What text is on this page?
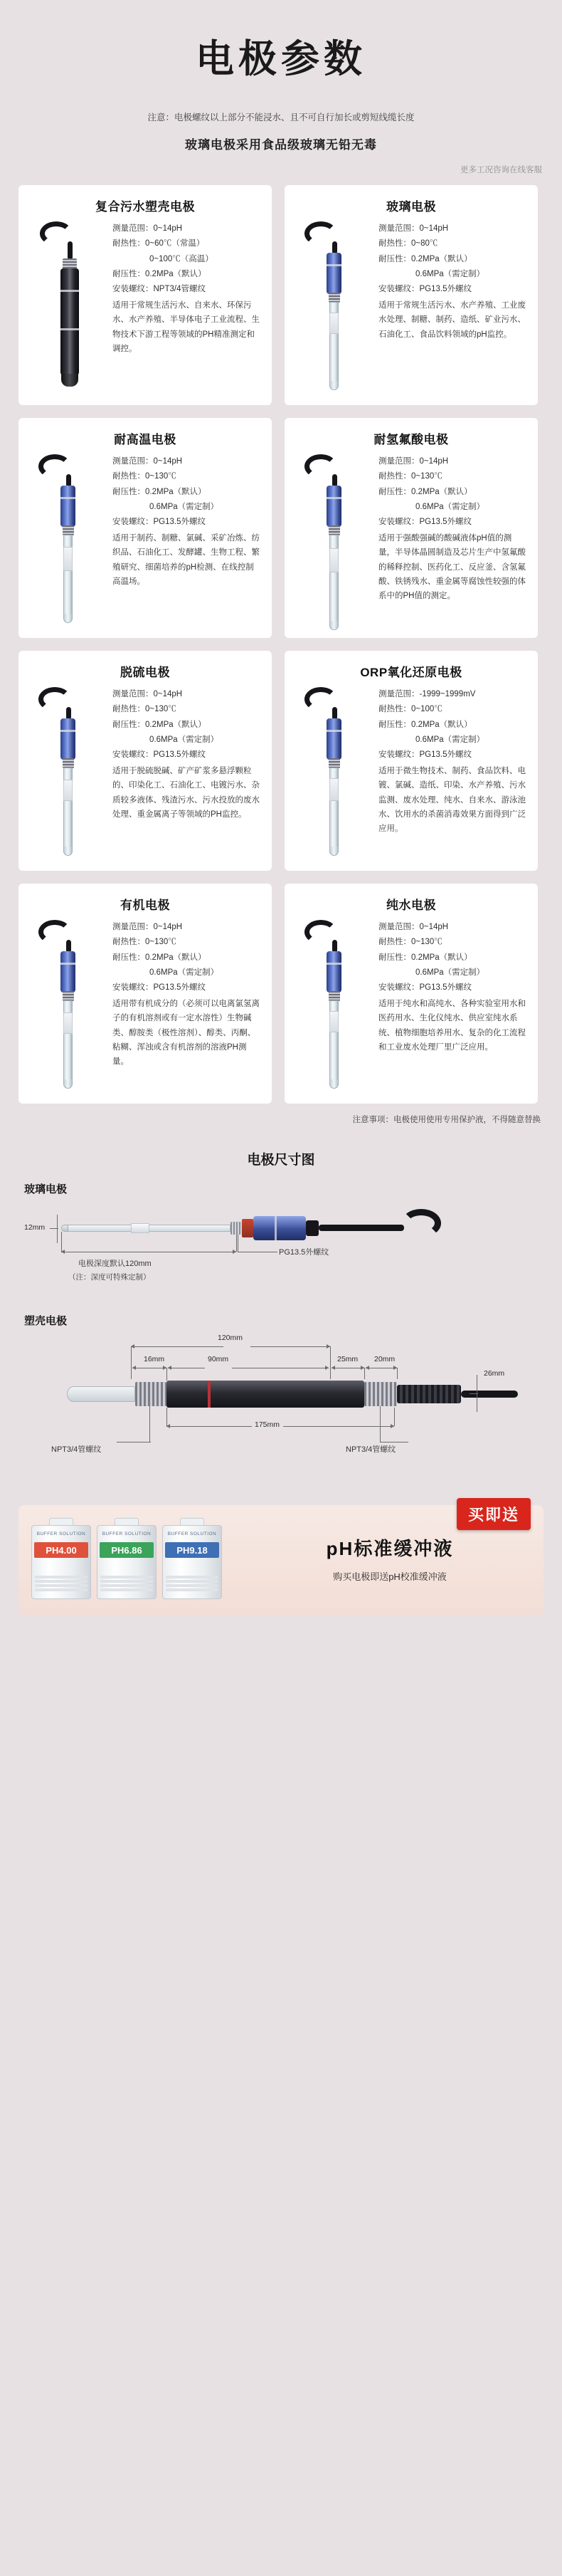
电极参数
注意：电极螺纹以上部分不能浸水、且不可自行加长或剪短线缆长度
玻璃电极采用食品级玻璃无铅无毒
更多工况咨询在线客服
复合污水塑壳电极
测量范围：0~14pH
耐热性：0~60℃（常温）
0~100℃（高温）
耐压性：0.2MPa（默认）
安装螺纹：NPT3/4管螺纹
适用于常规生活污水、自来水、环保污水、水产养殖、半导体电子工业流程、生物技术下游工程等领域的PH精准测定和调控。
玻璃电极
测量范围：0~14pH
耐热性：0~80℃
耐压性：0.2MPa（默认）
0.6MPa（需定制）
安装螺纹：PG13.5外螺纹
适用于常规生活污水、水产养殖、工业废水处理、制糖、制药、造纸、矿业污水、石油化工、食品饮料领域的pH监控。
耐高温电极
测量范围：0~14pH
耐热性：0~130℃
耐压性：0.2MPa（默认）
0.6MPa（需定制）
安装螺纹：PG13.5外螺纹
适用于制药、制糖、氯碱、采矿冶炼、纺织品、石油化工、发酵罐、生物工程、繁殖研究、细菌培养的pH检测、在线控制高温场。
耐氢氟酸电极
测量范围：0~14pH
耐热性：0~130℃
耐压性：0.2MPa（默认）
0.6MPa（需定制）
安装螺纹：PG13.5外螺纹
适用于强酸强碱的酸碱液体pH值的测量，半导体晶圆制造及芯片生产中氢氟酸的稀释控制、医药化工、反应釜、含氢氟酸、铁锈残水、重金属等腐蚀性较强的体系中的PH值的测定。
脱硫电极
测量范围：0~14pH
耐热性：0~130℃
耐压性：0.2MPa（默认）
0.6MPa（需定制）
安装螺纹：PG13.5外螺纹
适用于脱硫脱碱、矿产矿浆多悬浮颗粒的、印染化工、石油化工、电镀污水、杂质较多液体、残渣污水、污水投放的废水处理、重金属离子等领域的PH监控。
ORP氧化还原电极
测量范围：-1999~1999mV
耐热性：0~100℃
耐压性：0.2MPa（默认）
0.6MPa（需定制）
安装螺纹：PG13.5外螺纹
适用于微生物技术、制药、食品饮料、电镀、氯碱、造纸、印染、水产养殖、污水监测、废水处理、纯水、自来水、游泳池水、饮用水的杀菌消毒效果方面得到广泛应用。
有机电极
测量范围：0~14pH
耐热性：0~130℃
耐压性：0.2MPa（默认）
0.6MPa（需定制）
安装螺纹：PG13.5外螺纹
适用带有机成分的（必须可以电离氯氢离子的有机溶剂或有一定水溶性）生物碱类、醇胺类（极性溶剂）、醇类、丙酮、粘糊、浑浊或含有机溶剂的溶液PH测量。
纯水电极
测量范围：0~14pH
耐热性：0~130℃
耐压性：0.2MPa（默认）
0.6MPa（需定制）
安装螺纹：PG13.5外螺纹
适用于纯水和高纯水、各种实验室用水和医药用水、生化仪纯水、供应室纯水系统、植物细胞培养用水、复杂的化工流程和工业废水处理厂里广泛应用。
注意事项：电极使用使用专用保护液，不得随意替换
电极尺寸图
玻璃电极
12mm
电极深度默认120mm
（注：深度可特殊定制）
PG13.5外螺纹
塑壳电极
120mm
16mm	90mm	25mm 20mm
26mm
175mm
NPT3/4管螺纹	NPT3/4管螺纹
买即送
BUFFER SOLUTION
PH4.00
BUFFER SOLUTION
PH6.86
BUFFER SOLUTION
PH9.18	pH标准缓冲液
购买电极即送pH校准缓冲液
